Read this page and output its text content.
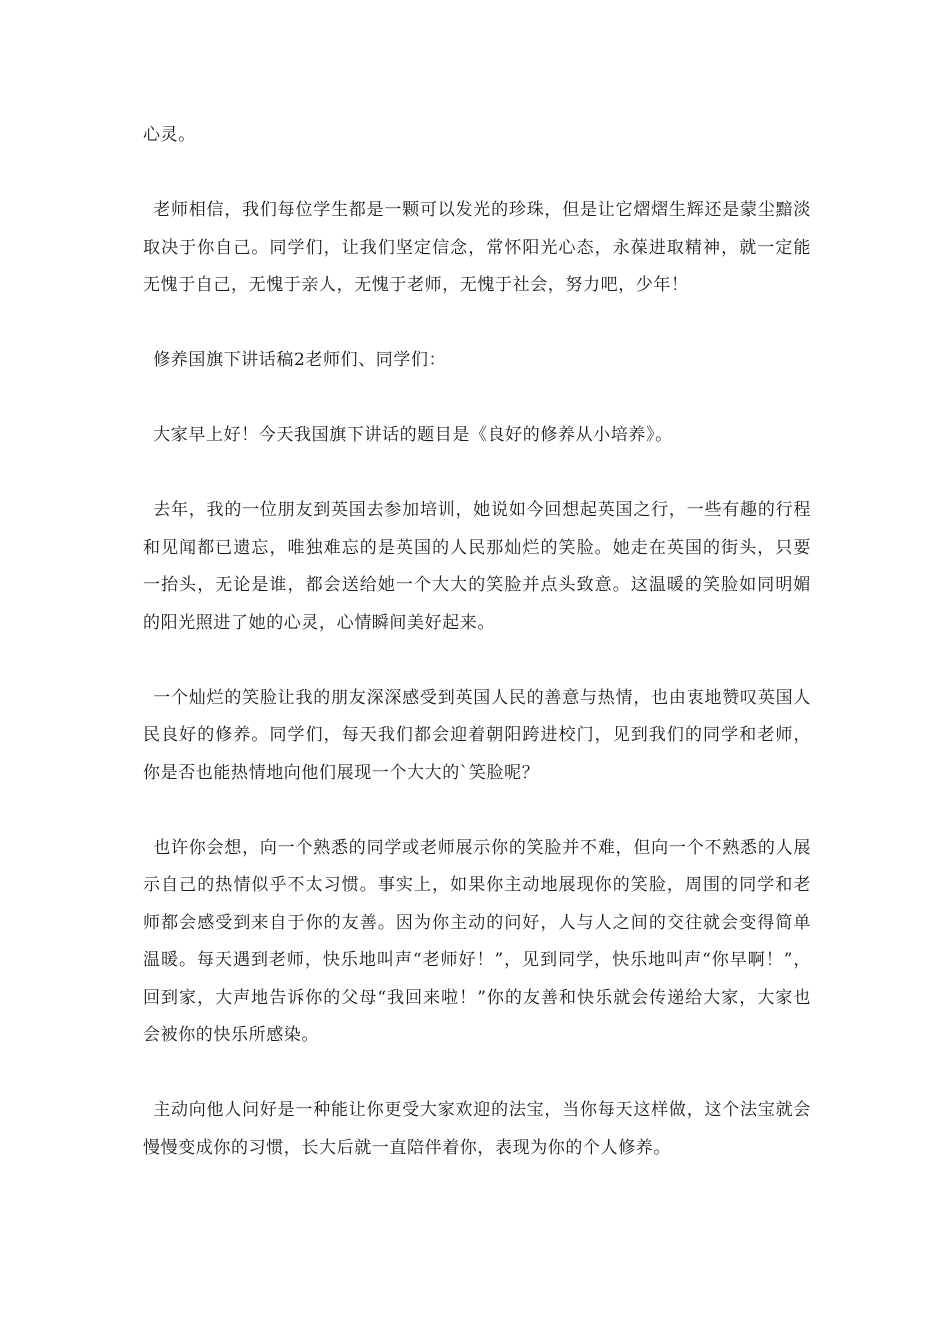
心灵。

老师相信，我们每位学生都是一颗可以发光的珍珠，但是让它熠熠生辉还是蒙尘黯淡取决于你自己。同学们，让我们坚定信念，常怀阳光心态，永葆进取精神，就一定能无愧于自己，无愧于亲人，无愧于老师，无愧于社会，努力吧，少年！

修养国旗下讲话稿2老师们、同学们：

大家早上好！今天我国旗下讲话的题目是《良好的修养从小培养》。

去年，我的一位朋友到英国去参加培训，她说如今回想起英国之行，一些有趣的行程和见闻都已遗忘，唯独难忘的是英国的人民那灿烂的笑脸。她走在英国的街头，只要一抬头，无论是谁，都会送给她一个大大的笑脸并点头致意。这温暖的笑脸如同明媚的阳光照进了她的心灵，心情瞬间美好起来。

一个灿烂的笑脸让我的朋友深深感受到英国人民的善意与热情，也由衷地赞叹英国人民良好的修养。同学们，每天我们都会迎着朝阳跨进校门，见到我们的同学和老师，你是否也能热情地向他们展现一个大大的`笑脸呢？

也许你会想，向一个熟悉的同学或老师展示你的笑脸并不难，但向一个不熟悉的人展示自己的热情似乎不太习惯。事实上，如果你主动地展现你的笑脸，周围的同学和老师都会感受到来自于你的友善。因为你主动的问好，人与人之间的交往就会变得简单温暖。每天遇到老师，快乐地叫声“老师好！”，见到同学，快乐地叫声“你早啊！”，回到家，大声地告诉你的父母“我回来啦！”你的友善和快乐就会传递给大家，大家也会被你的快乐所感染。

主动向他人问好是一种能让你更受大家欢迎的法宝，当你每天这样做，这个法宝就会慢慢变成你的习惯，长大后就一直陪伴着你，表现为你的个人修养。
